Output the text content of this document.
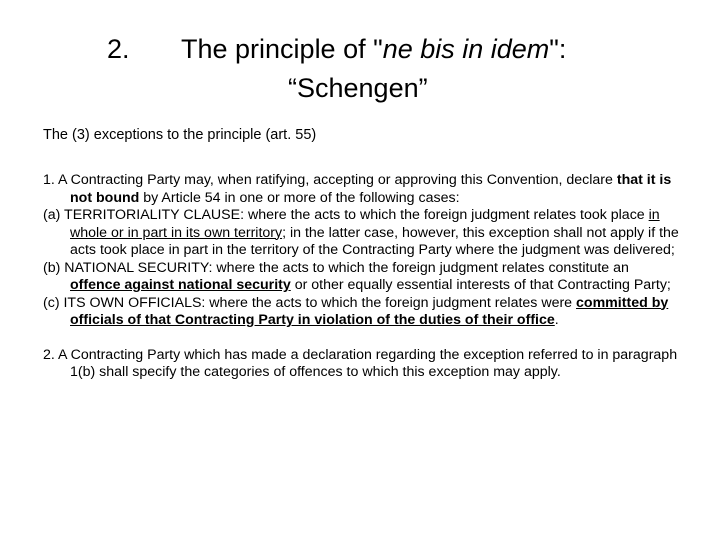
2. The principle of "ne bis in idem":
“Schengen”
The (3) exceptions to the principle (art. 55)

1. A Contracting Party may, when ratifying, accepting or approving this Convention, declare that it is not bound by Article 54 in one or more of the following cases:

(a) TERRITORIALITY CLAUSE: where the acts to which the foreign judgment relates took place in whole or in part in its own territory; in the latter case, however, this exception shall not apply if the acts took place in part in the territory of the Contracting Party where the judgment was delivered;

(b) NATIONAL SECURITY: where the acts to which the foreign judgment relates constitute an offence against national security or other equally essential interests of that Contracting Party;

(c) ITS OWN OFFICIALS: where the acts to which the foreign judgment relates were committed by officials of that Contracting Party in violation of the duties of their office.

2. A Contracting Party which has made a declaration regarding the exception referred to in paragraph 1(b) shall specify the categories of offences to which this exception may apply.
